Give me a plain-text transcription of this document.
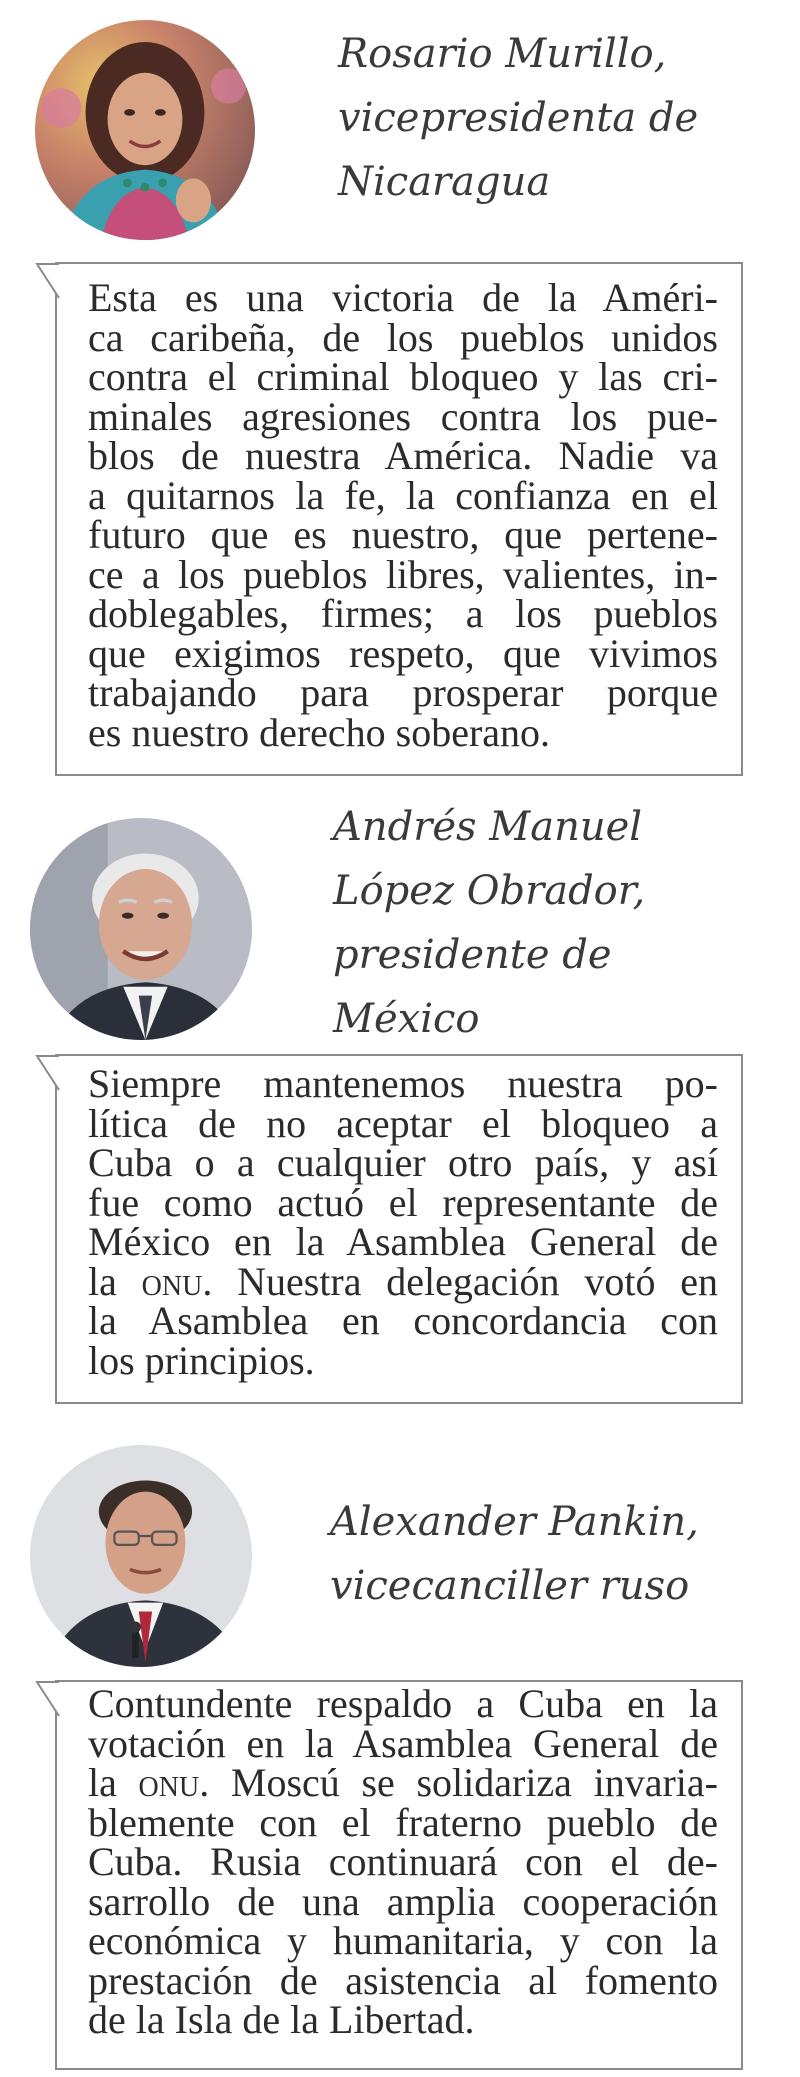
Rosario Murillo,
vicepresidenta de
Nicaragua
Esta es una victoria de la Améri-
ca caribeña, de los pueblos unidos
contra el criminal bloqueo y las cri-
minales agresiones contra los pue-
blos de nuestra América. Nadie va
a quitarnos la fe, la confianza en el
futuro que es nuestro, que pertene-
ce a los pueblos libres, valientes, in-
doblegables, firmes; a los pueblos
que exigimos respeto, que vivimos
trabajando para prosperar porque
es nuestro derecho soberano.
Andrés Manuel
López Obrador,
presidente de
México
Siempre mantenemos nuestra po-
lítica de no aceptar el bloqueo a
Cuba o a cualquier otro país, y así
fue como actuó el representante de
México en la Asamblea General de
la onu. Nuestra delegación votó en
la Asamblea en concordancia con
los principios.
Alexander Pankin,
vicecanciller ruso
Contundente respaldo a Cuba en la
votación en la Asamblea General de
la onu. Moscú se solidariza invaria-
blemente con el fraterno pueblo de
Cuba. Rusia continuará con el de-
sarrollo de una amplia cooperación
económica y humanitaria, y con la
prestación de asistencia al fomento
de la Isla de la Libertad.
